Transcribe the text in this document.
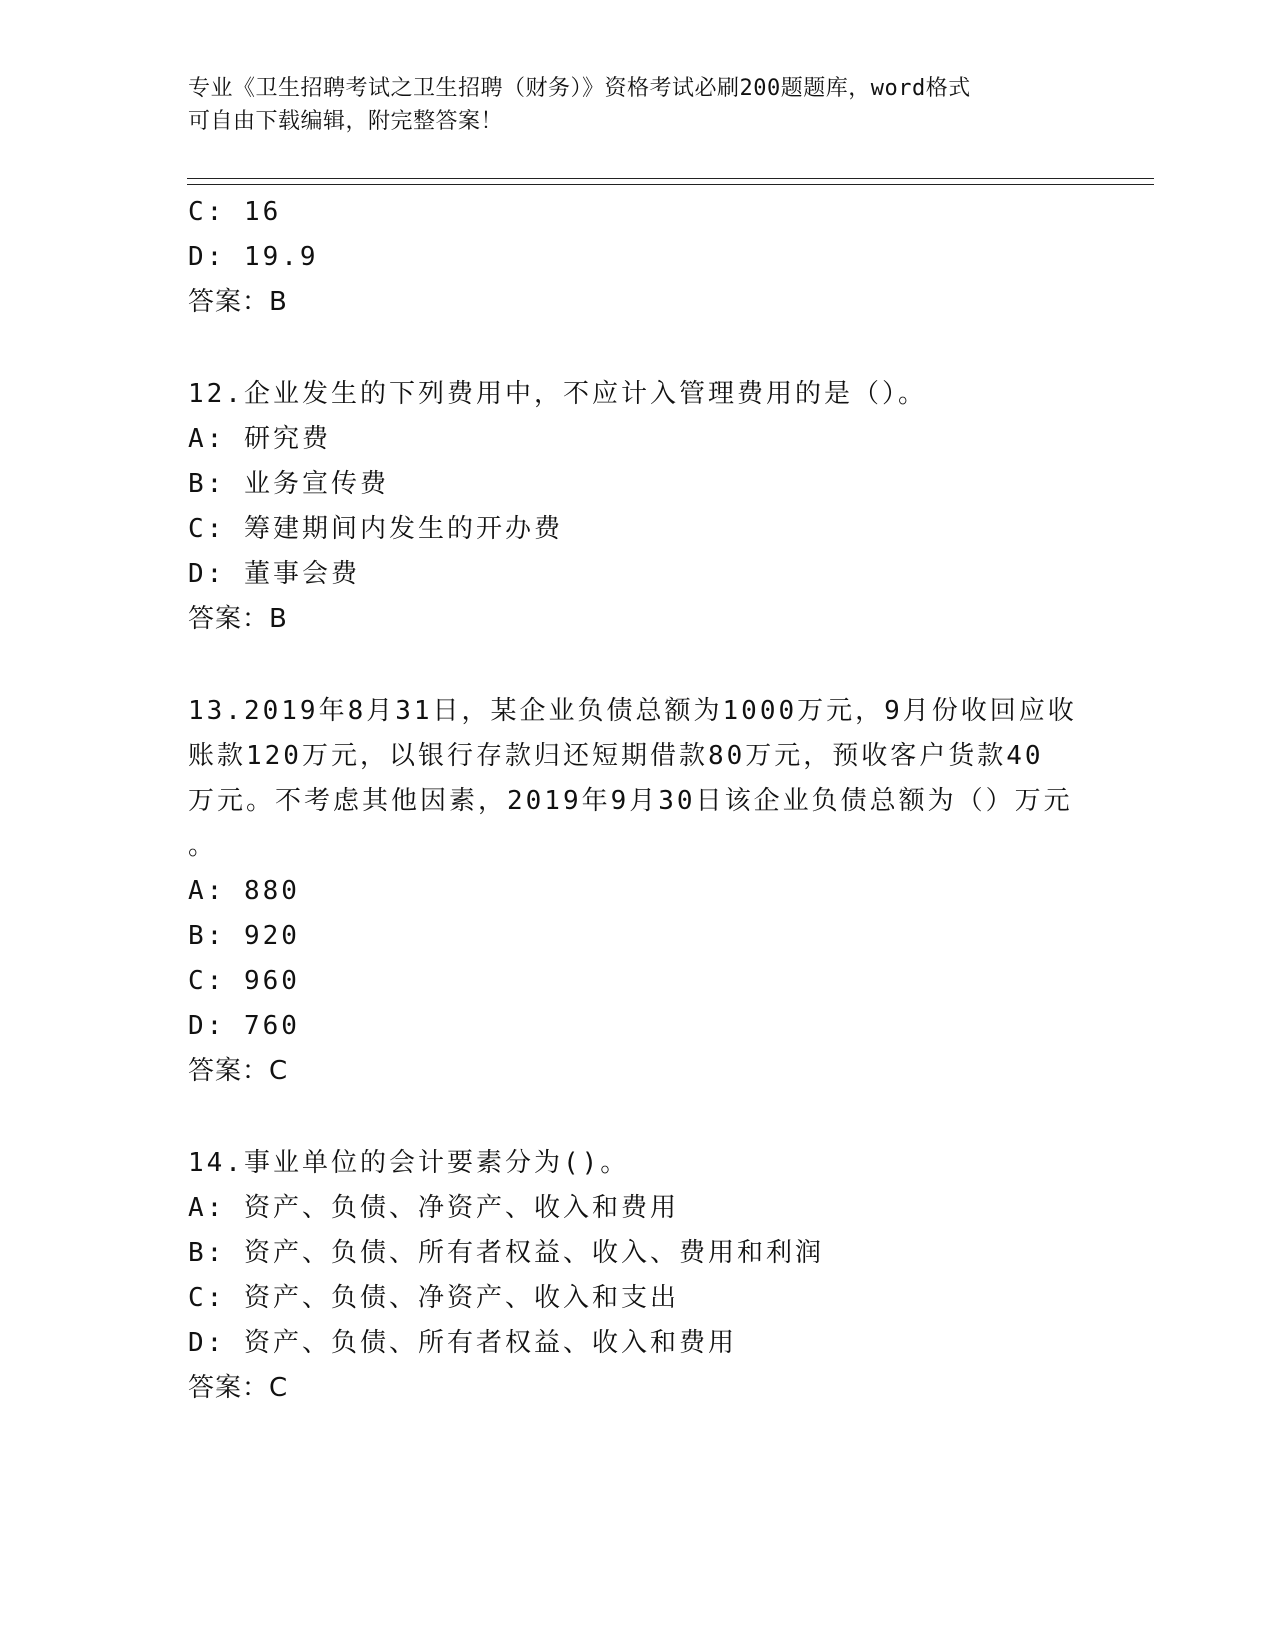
专业《卫生招聘考试之卫生招聘（财务）》资格考试必刷200题题库，word格式
可自由下载编辑，附完整答案！
C: 16
D: 19.9
答案：B
12.企业发生的下列费用中，不应计入管理费用的是（）。
A: 研究费
B: 业务宣传费
C: 筹建期间内发生的开办费
D: 董事会费
答案：B
13.2019年8月31日，某企业负债总额为1000万元，9月份收回应收
账款120万元，以银行存款归还短期借款80万元，预收客户货款40
万元。不考虑其他因素，2019年9月30日该企业负债总额为（）万元
。
A: 880
B: 920
C: 960
D: 760
答案：C
14.事业单位的会计要素分为()。
A: 资产、负债、净资产、收入和费用
B: 资产、负债、所有者权益、收入、费用和利润
C: 资产、负债、净资产、收入和支出
D: 资产、负债、所有者权益、收入和费用
答案：C
